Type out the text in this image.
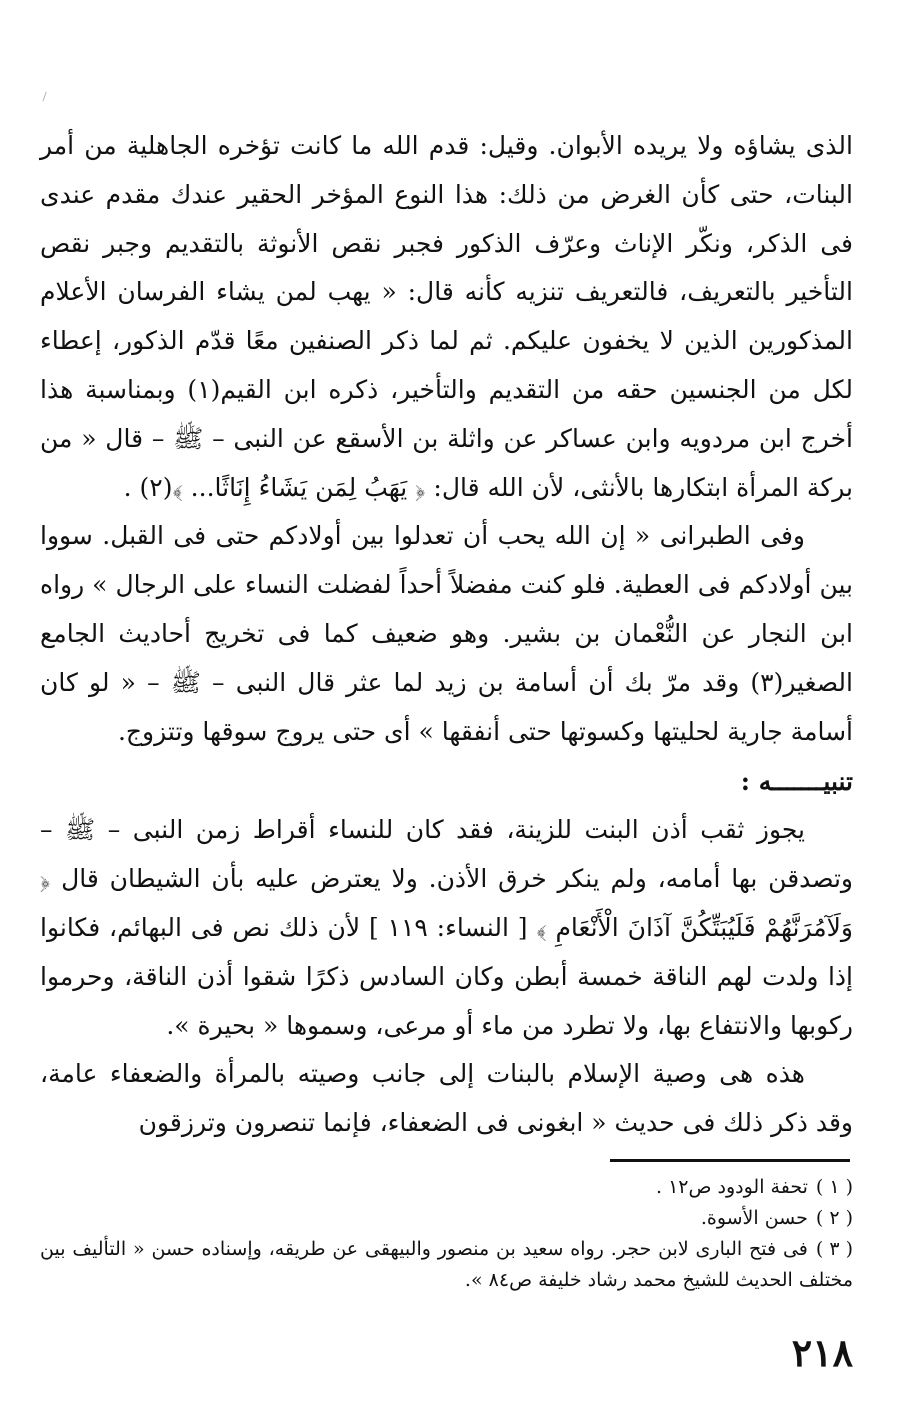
الذى يشاؤه ولا يريده الأبوان. وقيل: قدم الله ما كانت تؤخره الجاهلية من أمر البنات، حتى كأن الغرض من ذلك: هذا النوع المؤخر الحقير عندك مقدم عندى فى الذكر، ونكّر الإناث وعرّف الذكور فجبر نقص الأنوثة بالتقديم وجبر نقص التأخير بالتعريف، فالتعريف تنزيه كأنه قال: « يهب لمن يشاء الفرسان الأعلام المذكورين الذين لا يخفون عليكم. ثم لما ذكر الصنفين معًا قدّم الذكور، إعطاء لكل من الجنسين حقه من التقديم والتأخير، ذكره ابن القيم(١) وبمناسبة هذا أخرج ابن مردويه وابن عساكر عن واثلة بن الأسقع عن النبى – ﷺ – قال « من بركة المرأة ابتكارها بالأنثى، لأن الله قال: ﴿ يَهَبُ لِمَن يَشَاءُ إِنَاثًا... ﴾(٢) .

وفى الطبرانى « إن الله يحب أن تعدلوا بين أولادكم حتى فى القبل. سووا بين أولادكم فى العطية. فلو كنت مفضلاً أحداً لفضلت النساء على الرجال » رواه ابن النجار عن النُّعْمان بن بشير. وهو ضعيف كما فى تخريج أحاديث الجامع الصغير(٣) وقد مرّ بك أن أسامة بن زيد لما عثر قال النبى – ﷺ – « لو كان أسامة جارية لحليتها وكسوتها حتى أنفقها » أى حتى يروج سوقها وتتزوج.

تنبيـــــــه :

يجوز ثقب أذن البنت للزينة، فقد كان للنساء أقراط زمن النبى – ﷺ – وتصدقن بها أمامه، ولم ينكر خرق الأذن. ولا يعترض عليه بأن الشيطان قال ﴿ وَلَآمُرَنَّهُمْ فَلَيُبَتِّكُنَّ آذَانَ الْأَنْعَامِ ﴾ [ النساء: ١١٩ ] لأن ذلك نص فى البهائم، فكانوا إذا ولدت لهم الناقة خمسة أبطن وكان السادس ذكرًا شقوا أذن الناقة، وحرموا ركوبها والانتفاع بها، ولا تطرد من ماء أو مرعى، وسموها « بحيرة ».

هذه هى وصية الإسلام بالبنات إلى جانب وصيته بالمرأة والضعفاء عامة، وقد ذكر ذلك فى حديث « ابغونى فى الضعفاء، فإنما تنصرون وترزقون

( ١ )تحفة الودود ص١٢ .

( ٢ )حسن الأسوة.

( ٣ )فى فتح البارى لابن حجر. رواه سعيد بن منصور والبيهقى عن طريقه، وإسناده حسن « التأليف بين مختلف الحديث للشيخ محمد رشاد خليفة ص٨٤ ».

٢١٨
